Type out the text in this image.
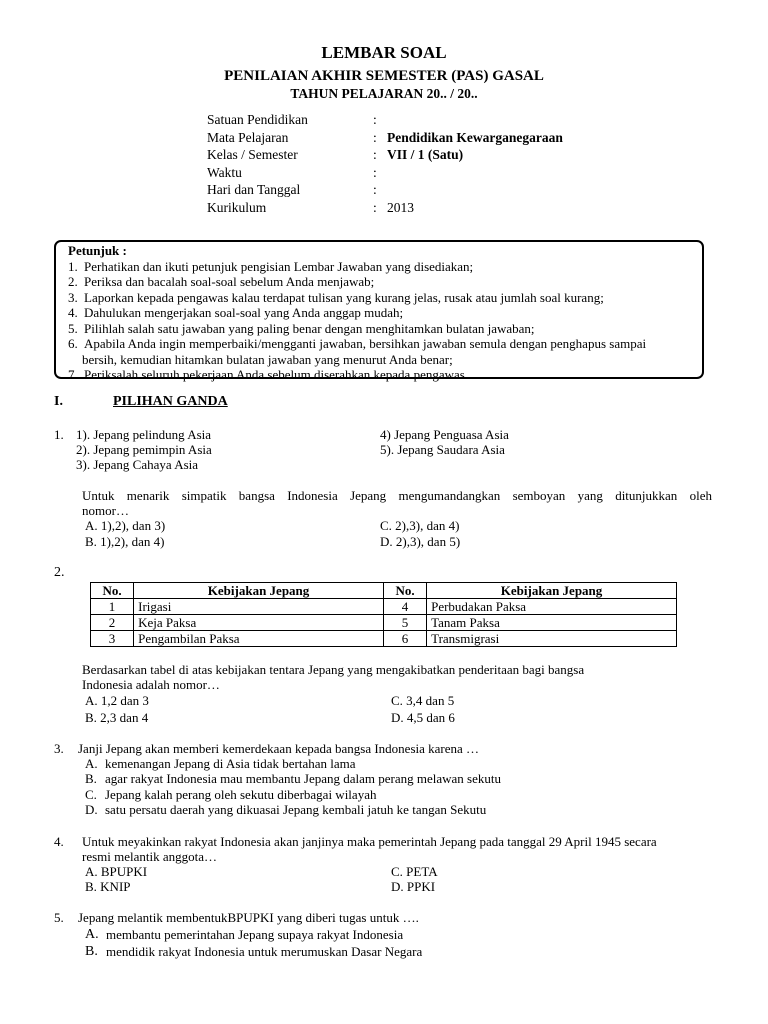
LEMBAR SOAL
PENILAIAN AKHIR SEMESTER (PAS) GASAL
TAHUN PELAJARAN 20.. / 20..
Satuan Pendidikan	:
Mata Pelajaran	: Pendidikan Kewarganegaraan
Kelas / Semester	: VII / 1 (Satu)
Waktu	:
Hari dan Tanggal	:
Kurikulum	: 2013
Petunjuk :
1. Perhatikan dan ikuti petunjuk pengisian Lembar Jawaban yang disediakan;
2. Periksa dan bacalah soal-soal sebelum Anda menjawab;
3. Laporkan kepada pengawas kalau terdapat tulisan yang kurang jelas, rusak atau jumlah soal kurang;
4. Dahulukan mengerjakan soal-soal yang Anda anggap mudah;
5. Pilihlah salah satu jawaban yang paling benar dengan menghitamkan bulatan jawaban;
6. Apabila Anda ingin memperbaiki/mengganti jawaban, bersihkan jawaban semula dengan penghapus sampai
bersih, kemudian hitamkan bulatan jawaban yang menurut Anda benar;
7. Periksalah seluruh pekerjaan Anda sebelum diserahkan kepada pengawas.
I.	PILIHAN GANDA
1. 1). Jepang pelindung Asia
2). Jepang pemimpin Asia
3). Jepang Cahaya Asia
4) Jepang Penguasa Asia
5). Jepang Saudara Asia
Untuk menarik simpatik bangsa Indonesia Jepang mengumandangkan semboyan yang ditunjukkan oleh
nomor…
A. 1),2), dan 3)
B. 1),2), dan 4)
C. 2),3), dan 4)
D. 2),3), dan 5)
2.
No.	Kebijakan Jepang	No.	Kebijakan Jepang
1	Irigasi	4	Perbudakan Paksa
2	Keja Paksa	5	Tanam Paksa
3	Pengambilan Paksa	6	Transmigrasi
Berdasarkan tabel di atas kebijakan tentara Jepang yang mengakibatkan penderitaan bagi bangsa
Indonesia adalah nomor…
A. 1,2 dan 3
B. 2,3 dan 4
C. 3,4 dan 5
D. 4,5 dan 6
3. Janji Jepang akan memberi kemerdekaan kepada bangsa Indonesia karena …
A. kemenangan Jepang di Asia tidak bertahan lama
B. agar rakyat Indonesia mau membantu Jepang dalam perang melawan sekutu
C. Jepang kalah perang oleh sekutu diberbagai wilayah
D. satu persatu daerah yang dikuasai Jepang kembali jatuh ke tangan Sekutu
4. Untuk meyakinkan rakyat Indonesia akan janjinya maka pemerintah Jepang pada tanggal 29 April 1945 secara
resmi melantik anggota…
A. BPUPKI
B. KNIP
C. PETA
D. PPKI
5. Jepang melantik membentukBPUPKI yang diberi tugas untuk ….
A. membantu pemerintahan Jepang supaya rakyat Indonesia
B. mendidik rakyat Indonesia untuk merumuskan Dasar Negara
